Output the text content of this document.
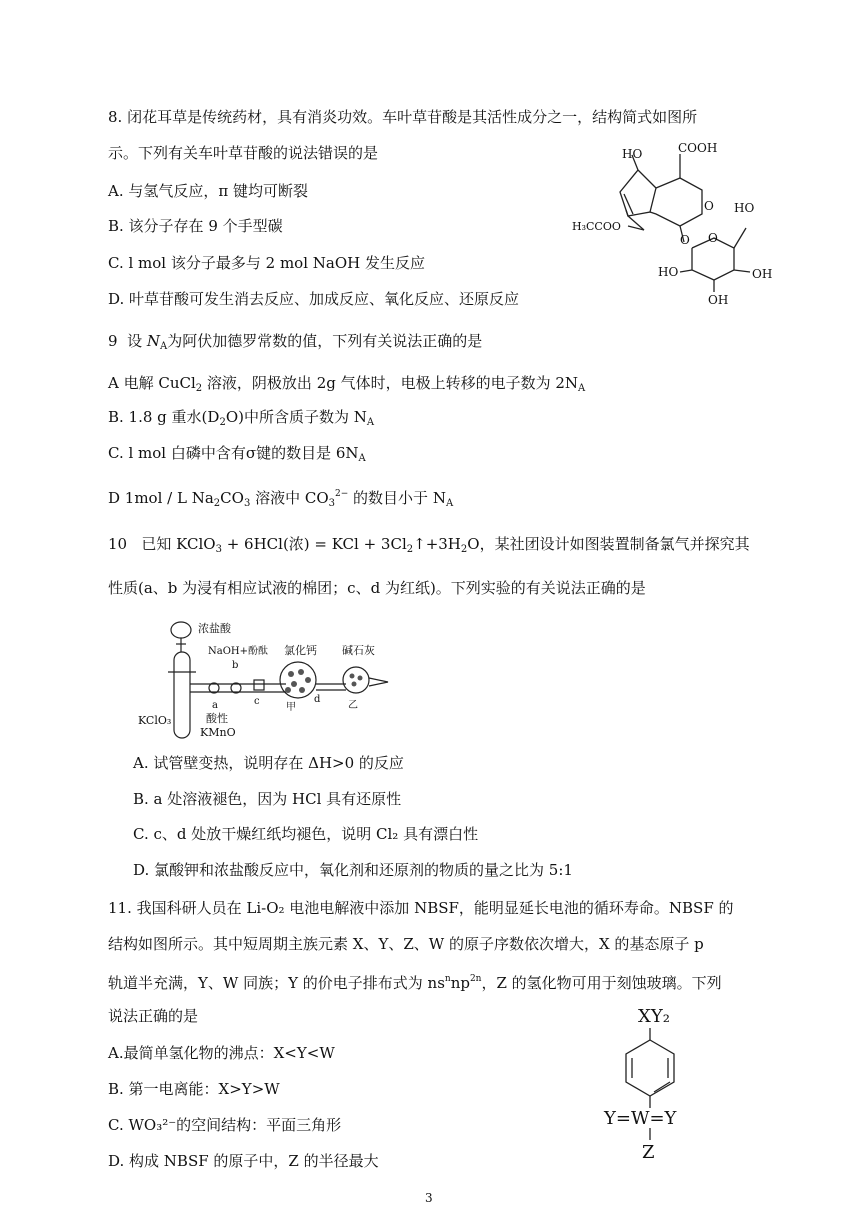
8. 闭花耳草是传统药材，具有消炎功效。车叶草苷酸是其活性成分之一，结构简式如图所
示。下列有关车叶草苷酸的说法错误的是
A. 与氢气反应，π 键均可断裂
B. 该分子存在 9 个手型碳
C. l mol 该分子最多与 2 mol NaOH 发生反应
D. 叶草苷酸可发生消去反应、加成反应、氧化反应、还原反应
HO	COOH
H₃CCOO
O
O O
HO
HO	OH
OH
9 设 $N_A$为阿伏加德罗常数的值，下列有关说法正确的是
A 电解 CuCl$_2$ 溶液，阴极放出 2g 气体时，电极上转移的电子数为 $2N_A$
B. 1.8 g 重水$(D_2O)$中所含质子数为 $N_A$
C. l mol 白磷中含有σ键的数目是 $6N_A$
D 1mol / L $Na_2CO_3$ 溶液中 $CO_3^{2-}$ 的数目小于 $N_A$
10 已知 KClO$_3$ + 6HCl(浓) = KCl + $3Cl_2↑+3H_2O$，某社团设计如图装置制备氯气并探究其
性质(a、b 为浸有相应试液的棉团；c、d 为红纸)。下列实验的有关说法正确的是
浓盐酸
NaOH+酚酞
b
氯化钙 碱石灰
KClO₃
a	c	d
甲	乙
酸性
KMnO
A. 试管壁变热，说明存在 ΔH>0 的反应
B. a 处溶液褪色，因为 HCl 具有还原性
C. c、d 处放干燥红纸均褪色，说明 Cl₂ 具有漂白性
D. 氯酸钾和浓盐酸反应中，氧化剂和还原剂的物质的量之比为 5:1
11. 我国科研人员在 Li-O₂ 电池电解液中添加 NBSF，能明显延长电池的循环寿命。NBSF 的
结构如图所示。其中短周期主族元素 X、Y、Z、W 的原子序数依次增大，X 的基态原子 p
轨道半充满，Y、W 同族；Y 的价电子排布式为 $ns^nnp^{2n}$，Z 的氢化物可用于刻蚀玻璃。下列
说法正确的是
A.最简单氢化物的沸点：X<Y<W
B. 第一电离能：X>Y>W
C. WO₃²⁻的空间结构：平面三角形
D. 构成 NBSF 的原子中，Z 的半径最大
XY₂
Y=W=Y
Z
3
